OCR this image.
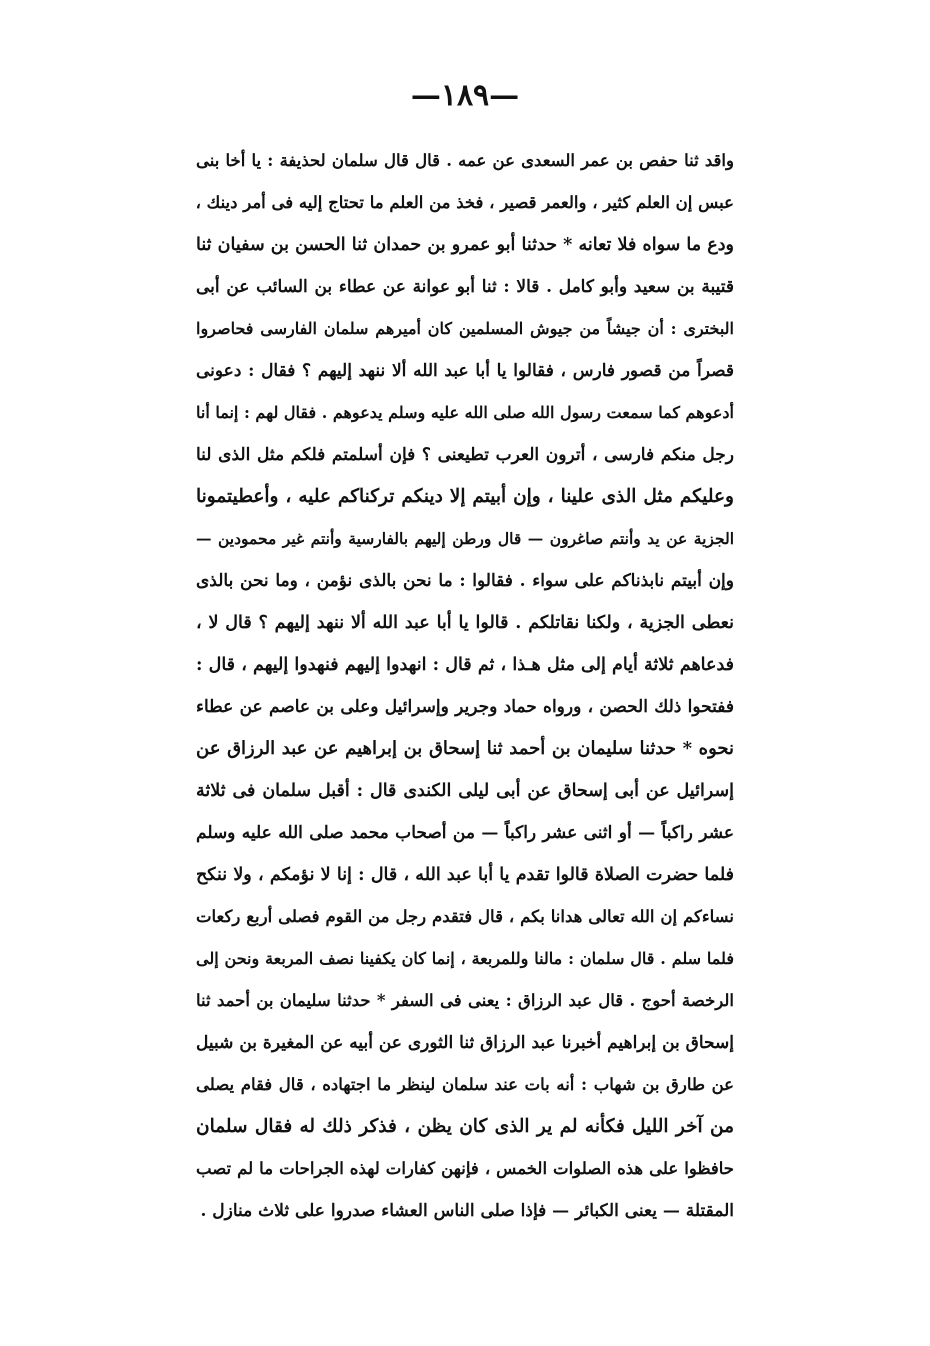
—١٨٩—
واقد ثنا حفص بن عمر السعدى عن عمه . قال قال سلمان لحذيفة : يا أخا بنى
عبس إن العلم كثير ، والعمر قصير ، فخذ من العلم ما تحتاج إليه فى أمر دينك ،
ودع ما سواه فلا تعانه * حدثنا أبو عمرو بن حمدان ثنا الحسن بن سفيان ثنا
قتيبة بن سعيد وأبو كامل . قالا : ثنا أبو عوانة عن عطاء بن السائب عن أبى
البخترى : أن جيشاً من جيوش المسلمين كان أميرهم سلمان الفارسى فحاصروا
قصراً من قصور فارس ، فقالوا يا أبا عبد الله ألا ننهد إليهم ؟ فقال : دعونى
أدعوهم كما سمعت رسول الله صلى الله عليه وسلم يدعوهم . فقال لهم : إنما أنا
رجل منكم فارسى ، أترون العرب تطيعنى ؟ فإن أسلمتم فلكم مثل الذى لنا
وعليكم مثل الذى علينا ، وإن أبيتم إلا دينكم تركناكم عليه ، وأعطيتمونا
الجزية عن يد وأنتم صاغرون — قال ورطن إليهم بالفارسية وأنتم غير محمودين —
وإن أبيتم نابذناكم على سواء . فقالوا : ما نحن بالذى نؤمن ، وما نحن بالذى
نعطى الجزية ، ولكنا نقاتلكم . قالوا يا أبا عبد الله ألا ننهد إليهم ؟ قال لا ،
فدعاهم ثلاثة أيام إلى مثل هـذا ، ثم قال : انهدوا إليهم فنهدوا إليهم ، قال :
ففتحوا ذلك الحصن ، ورواه حماد وجرير وإسرائيل وعلى بن عاصم عن عطاء
نحوه * حدثنا سليمان بن أحمد ثنا إسحاق بن إبراهيم عن عبد الرزاق عن
إسرائيل عن أبى إسحاق عن أبى ليلى الكندى قال : أقبل سلمان فى ثلاثة
عشر راكباً — أو اثنى عشر راكباً — من أصحاب محمد صلى الله عليه وسلم
فلما حضرت الصلاة قالوا تقدم يا أبا عبد الله ، قال : إنا لا نؤمكم ، ولا ننكح
نساءكم إن الله تعالى هدانا بكم ، قال فتقدم رجل من القوم فصلى أربع ركعات
فلما سلم . قال سلمان : مالنا وللمربعة ، إنما كان يكفينا نصف المربعة ونحن إلى
الرخصة أحوج . قال عبد الرزاق : يعنى فى السفر * حدثنا سليمان بن أحمد ثنا
إسحاق بن إبراهيم أخبرنا عبد الرزاق ثنا الثورى عن أبيه عن المغيرة بن شبيل
عن طارق بن شهاب : أنه بات عند سلمان لينظر ما اجتهاده ، قال فقام يصلى
من آخر الليل فكأنه لم ير الذى كان يظن ، فذكر ذلك له فقال سلمان
حافظوا على هذه الصلوات الخمس ، فإنهن كفارات لهذه الجراحات ما لم تصب
المقتلة — يعنى الكبائر — فإذا صلى الناس العشاء صدروا على ثلاث منازل .
